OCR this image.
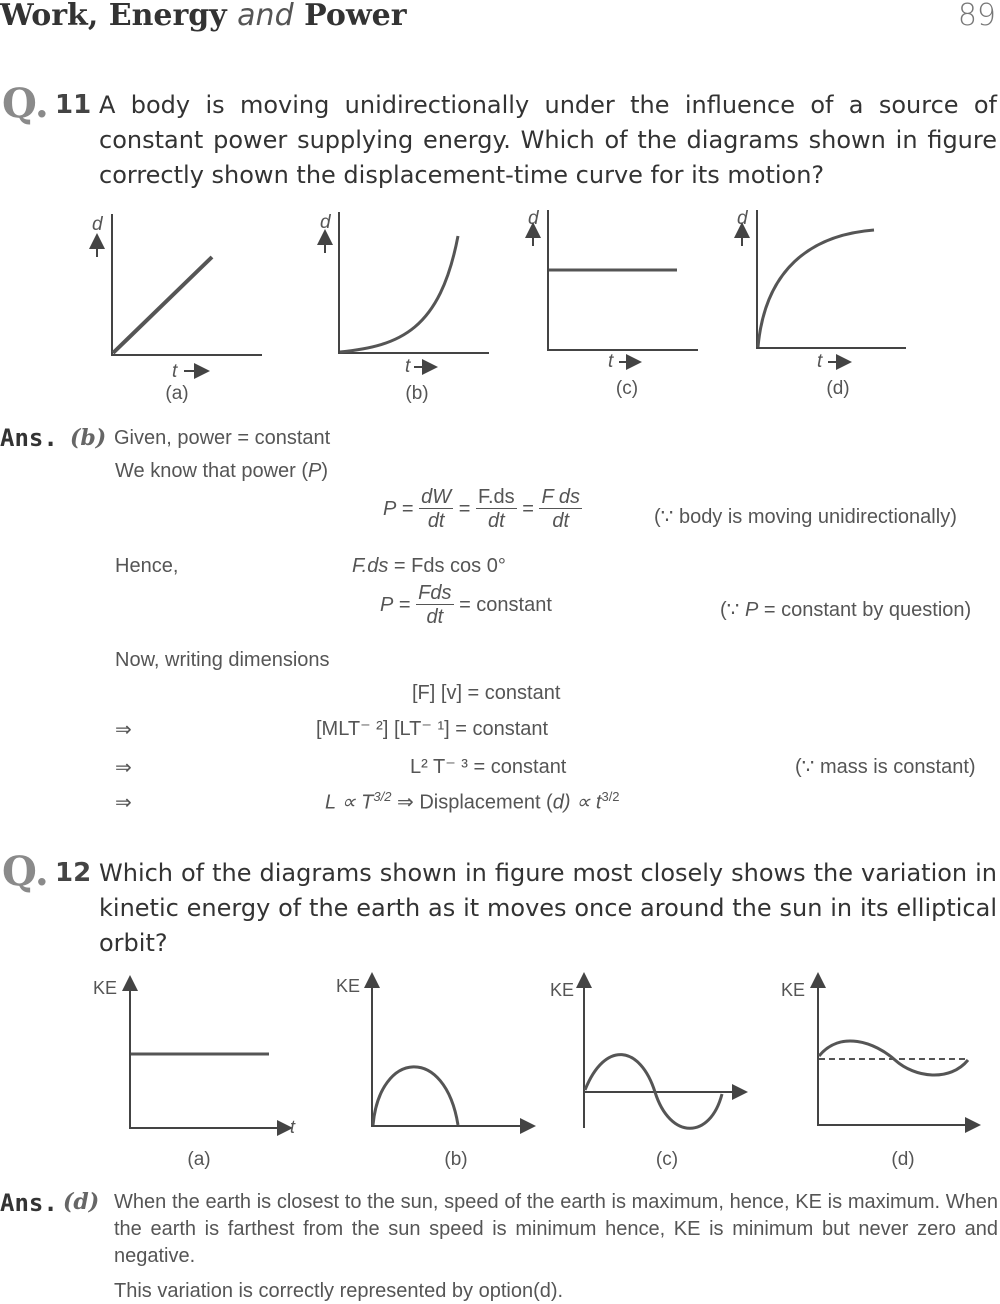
Work, Energy and Power	89
Q. 11 A body is moving unidirectionally under the influence of a source of constant power supplying energy. Which of the diagrams shown in figure correctly shown the displacement-time curve for its motion?
d
t
(a)
d
t
(b)
d
t
(c)
d
t
(d)
Ans. (b) Given, power = constant
We know that power (P)
$P = \frac{dW}{dt} = \frac{F.ds}{dt} = \frac{\text{F ds}}{dt}$	(∵ body is moving unidirectionally)
Hence,	F.ds = Fds cos 0°
$P = \frac{\text{Fds}}{dt}$ = constant	(∵ P = constant by question)
Now, writing dimensions
[F] [v] = constant
⇒	[MLT⁻ ²] [LT⁻ ¹] = constant
⇒	L² T⁻ ³ = constant	(∵ mass is constant)
⇒	$L \propto T^{3/2}$ ⇒ Displacement $(d) \propto t^{3/2}$
Q. 12 Which of the diagrams shown in figure most closely shows the variation in kinetic energy of the earth as it moves once around the sun in its elliptical orbit?
KE
t
(a)
KE
(b)
KE
(c)
KE
(d)
Ans. (d) When the earth is closest to the sun, speed of the earth is maximum, hence, KE is maximum. When the earth is farthest from the sun speed is minimum hence, KE is minimum but never zero and negative.
This variation is correctly represented by option(d).
